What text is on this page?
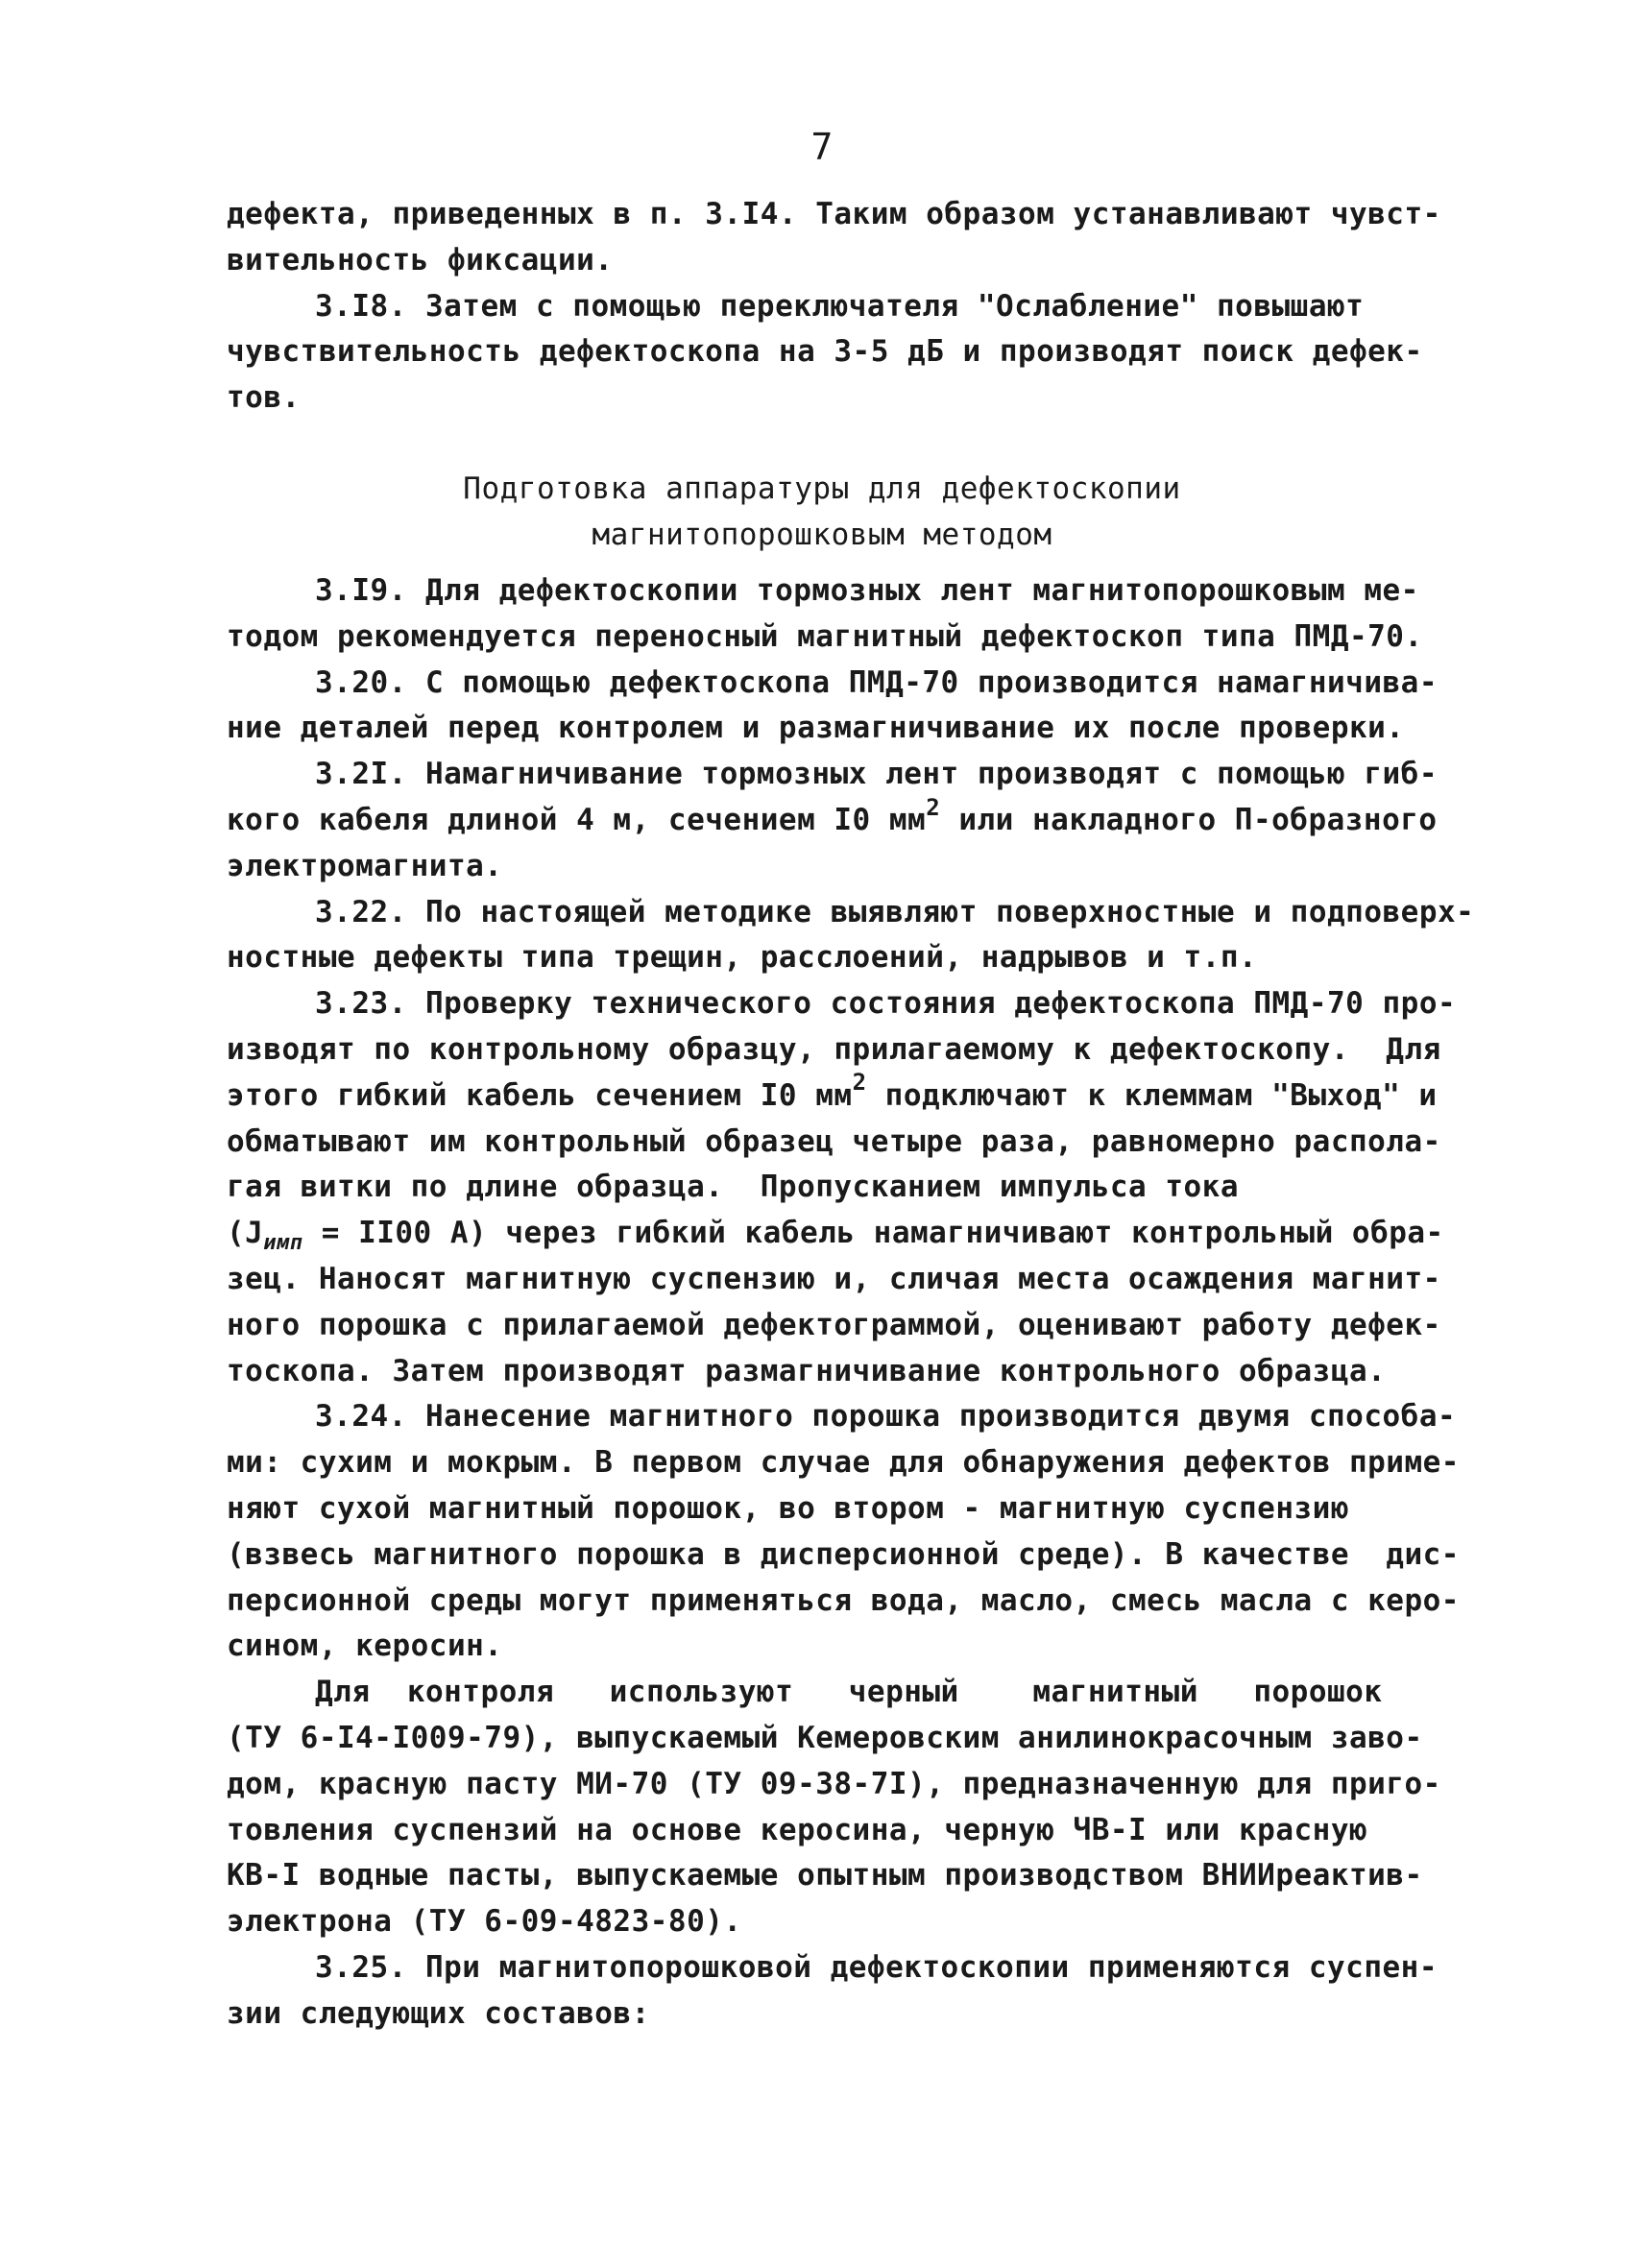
7
дефекта, приведенных в п. 3.I4. Таким образом устанавливают чувст-
вительность фиксации.
3.I8. Затем с помощью переключателя "Ослабление" повышают
чувствительность дефектоскопа на 3-5 дБ и производят поиск дефек-
тов.
Подготовка аппаратуры для дефектоскопии
магнитопорошковым методом
3.I9. Для дефектоскопии тормозных лент магнитопорошковым ме-
тодом рекомендуется переносный магнитный дефектоскоп типа ПМД-70.
3.20. С помощью дефектоскопа ПМД-70 производится намагничива-
ние деталей перед контролем и размагничивание их после проверки.
3.2I. Намагничивание тормозных лент производят с помощью гиб-
кого кабеля длиной 4 м, сечением I0 $мм^2$ или накладного П-образного
электромагнита.
3.22. По настоящей методике выявляют поверхностные и подповерх-
ностные дефекты типа трещин, расслоений, надрывов и т.п.
3.23. Проверку технического состояния дефектоскопа ПМД-70 про-
изводят по контрольному образцу, прилагаемому к дефектоскопу.  Для
этого гибкий кабель сечением I0 $мм^2$ подключают к клеммам "Выход" и
обматывают им контрольный образец четыре раза, равномерно распола-
гая витки по длине образца.  Пропусканием импульса тока
($J_{имп} = II00$ А) через гибкий кабель намагничивают контрольный обра-
зец. Наносят магнитную суспензию и, сличая места осаждения магнит-
ного порошка с прилагаемой дефектограммой, оценивают работу дефек-
тоскопа. Затем производят размагничивание контрольного образца.
3.24. Нанесение магнитного порошка производится двумя способа-
ми: сухим и мокрым. В первом случае для обнаружения дефектов приме-
няют сухой магнитный порошок, во втором - магнитную суспензию
(взвесь магнитного порошка в дисперсионной среде). В качестве  дис-
персионной среды могут применяться вода, масло, смесь масла с керо-
сином, керосин.
Для  контроля   используют   черный    магнитный   порошок
(ТУ 6-I4-I009-79), выпускаемый Кемеровским анилинокрасочным заво-
дом, красную пасту МИ-70 (ТУ 09-38-7I), предназначенную для приго-
товления суспензий на основе керосина, черную ЧВ-I или красную
КВ-I водные пасты, выпускаемые опытным производством ВНИИреактив-
электрона (ТУ 6-09-4823-80).
3.25. При магнитопорошковой дефектоскопии применяются суспен-
зии следующих составов:
